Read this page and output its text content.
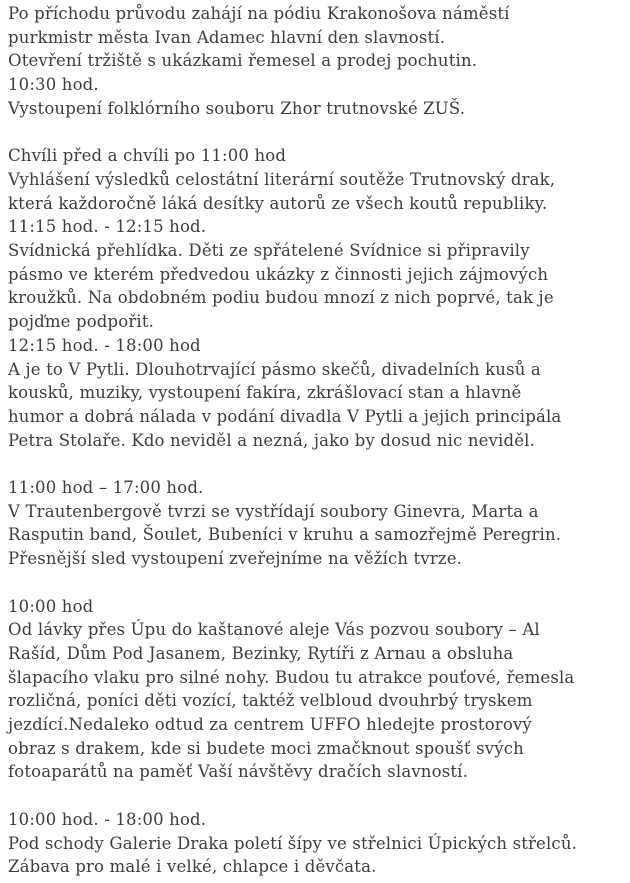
Po příchodu průvodu zahájí na pódiu Krakonošova náměstí
purkmistr města Ivan Adamec hlavní den slavností.
Otevření tržiště s ukázkami řemesel a prodej pochutin.
10:30 hod.
Vystoupení folklórního souboru Zhor trutnovské ZUŠ.
Chvíli před a chvíli po 11:00 hod
Vyhlášení výsledků celostátní literární soutěže Trutnovský drak,
která každoročně láká desítky autorů ze všech koutů republiky.
11:15 hod. - 12:15 hod.
Svídnická přehlídka. Děti ze spřátelené Svídnice si připravily
pásmo ve kterém předvedou ukázky z činnosti jejich zájmových
kroužků. Na obdobném podiu budou mnozí z nich poprvé, tak je
pojďme podpořit.
12:15 hod. - 18:00 hod
A je to V Pytli. Dlouhotrvající pásmo skečů, divadelních kusů a
kousků, muziky, vystoupení fakíra, zkrášlovací stan a hlavně
humor a dobrá nálada v podání divadla V Pytli a jejich principála
Petra Stolaře. Kdo neviděl a nezná, jako by dosud nic neviděl.
11:00 hod – 17:00 hod.
V Trautenbergově tvrzi se vystřídají soubory Ginevra, Marta a
Rasputin band, Šoulet, Bubeníci v kruhu a samozřejmě Peregrin.
Přesnější sled vystoupení zveřejníme na věžích tvrze.
10:00 hod
Od lávky přes Úpu do kaštanové aleje Vás pozvou soubory – Al
Rašíd, Dům Pod Jasanem, Bezinky, Rytíři z Arnau a obsluha
šlapacího vlaku pro silné nohy. Budou tu atrakce pouťové, řemesla
rozličná, poníci děti vozící, taktéž velbloud dvouhrbý tryskem
jezdící.Nedaleko odtud za centrem UFFO hledejte prostorový
obraz s drakem, kde si budete moci zmačknout spoušť svých
fotoaparátů na paměť Vaší návštěvy dračích slavností.
10:00 hod. - 18:00 hod.
Pod schody Galerie Draka poletí šípy ve střelnici Úpických střelců.
Zábava pro malé i velké, chlapce i děvčata.
